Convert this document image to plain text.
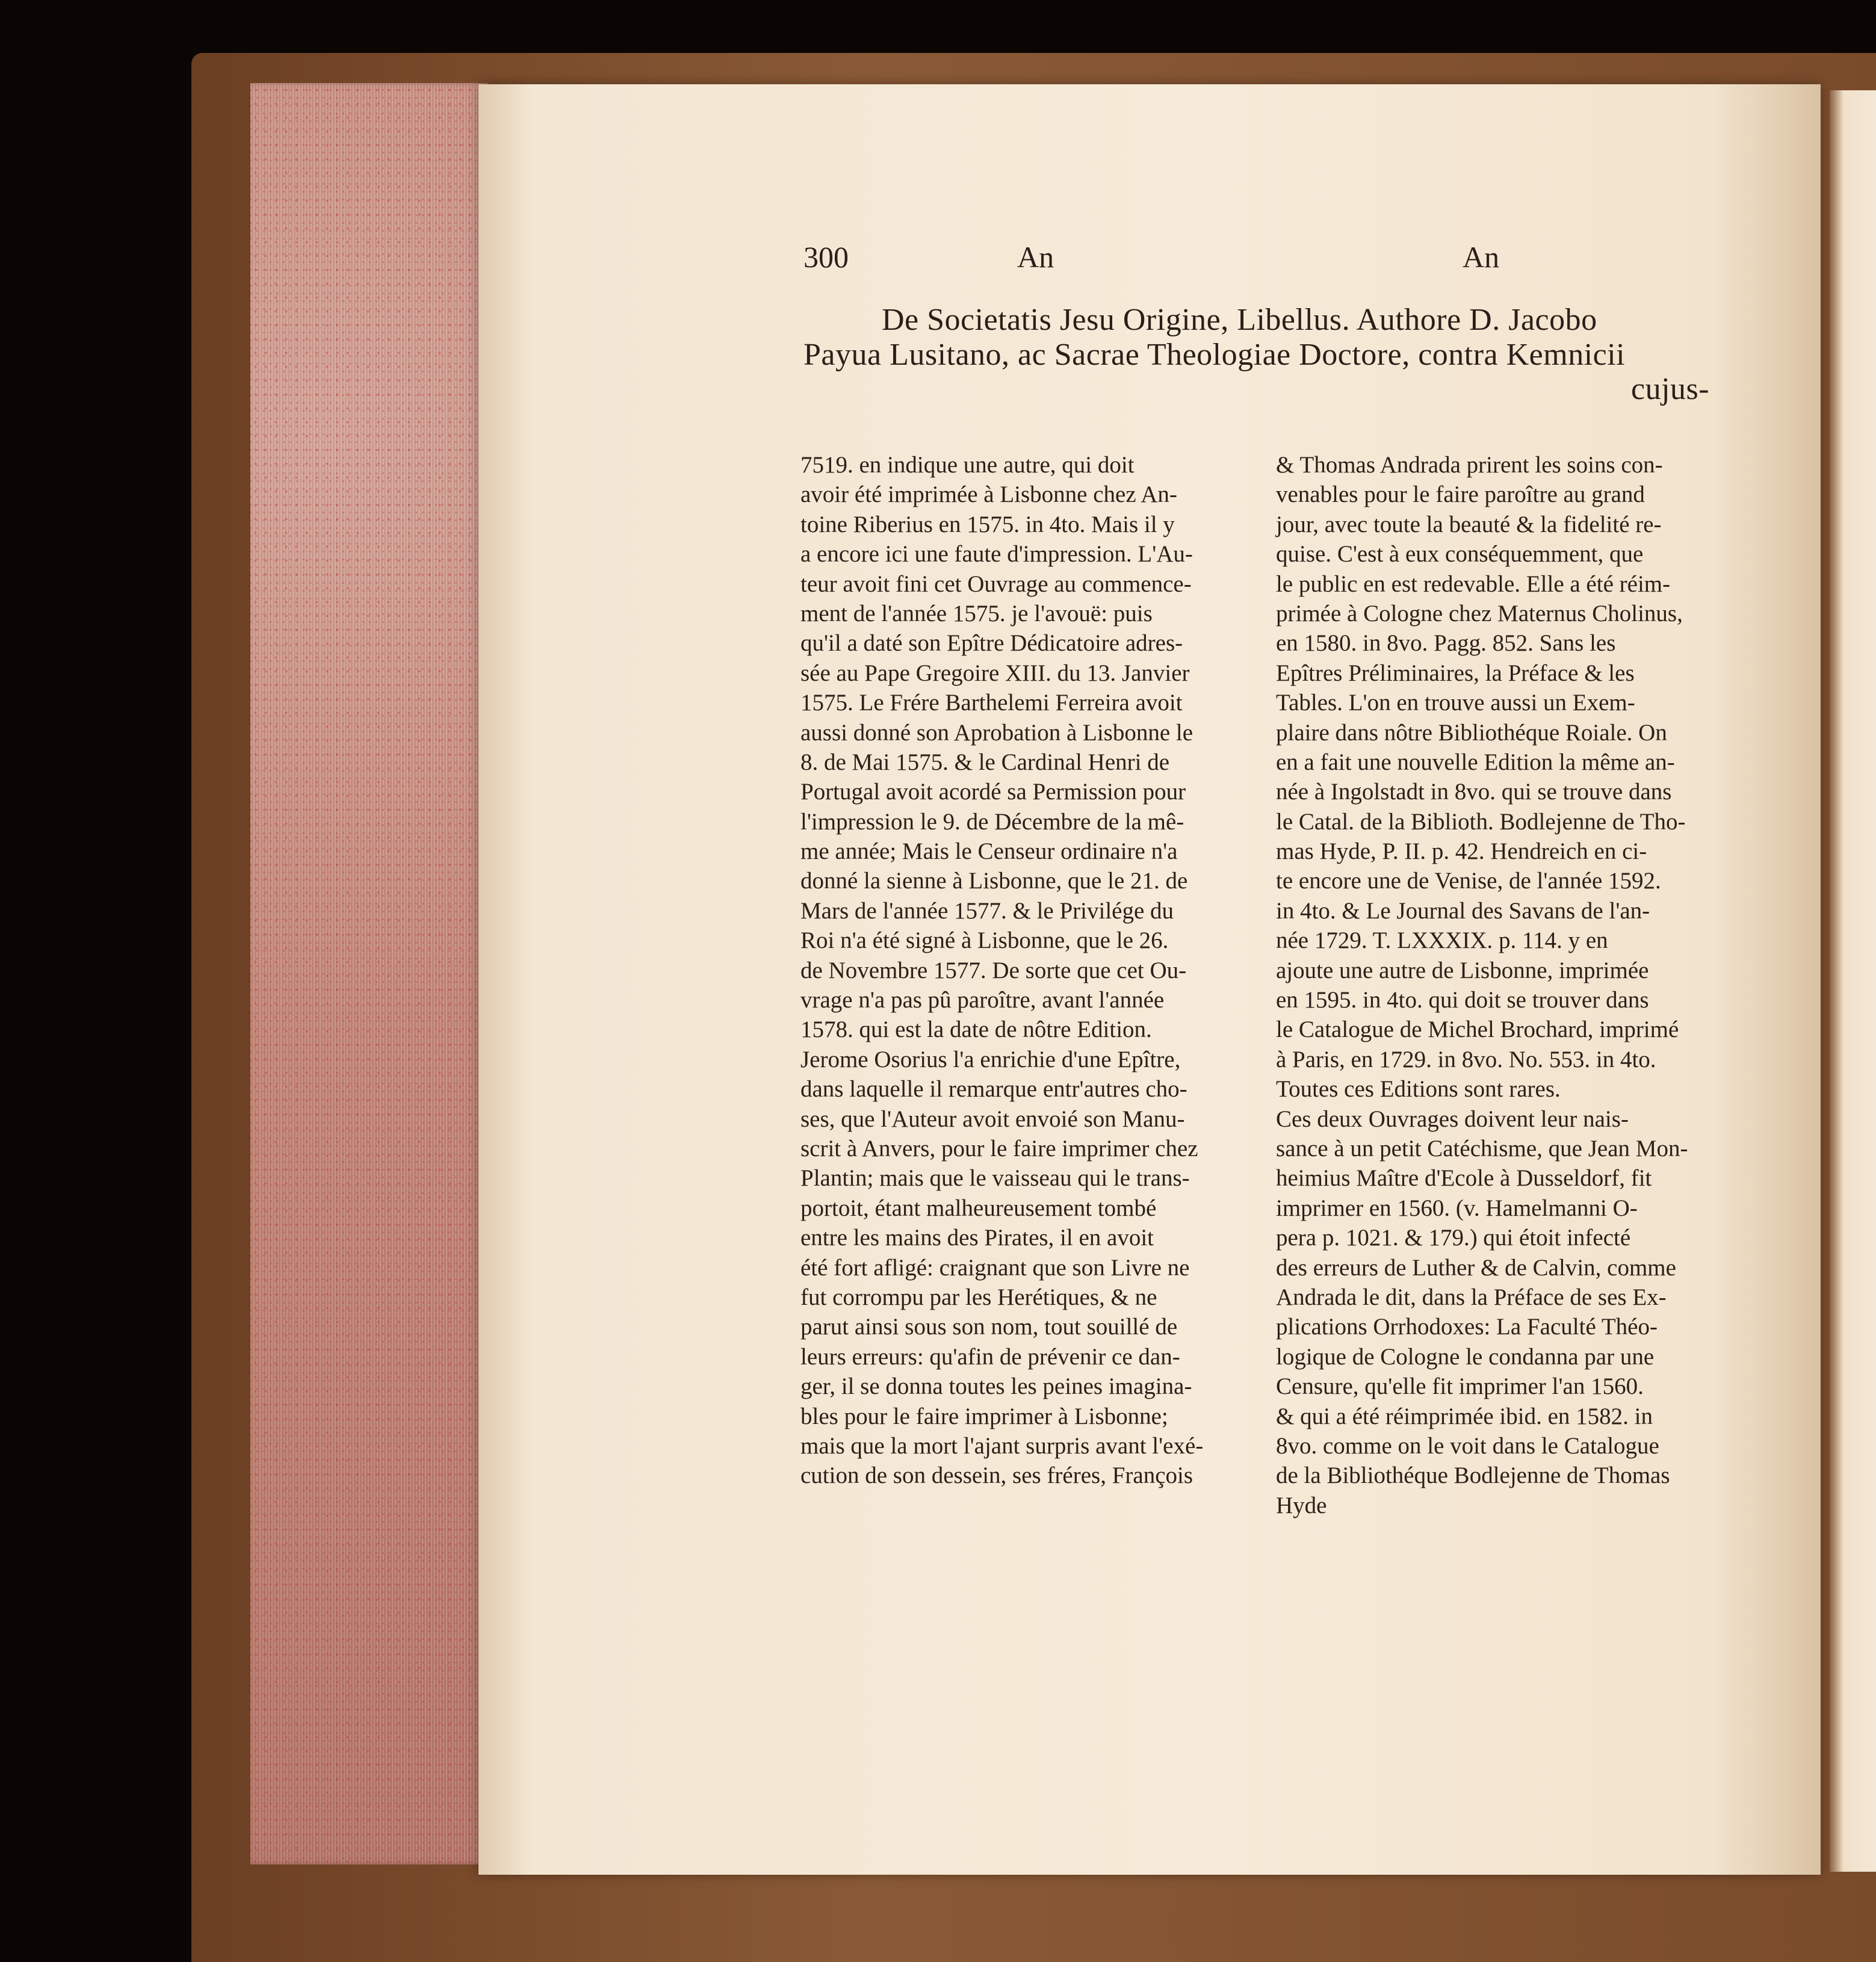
300	An	An
De Societatis Jesu Origine, Libellus. Authore D. Jacobo
Payua Lusitano, ac Sacrae Theologiae Doctore, contra Kemnicii
cujus-
7519. en indique une autre, qui doit
avoir été imprimée à Lisbonne chez An-
toine Riberius en 1575. in 4to. Mais il y
a encore ici une faute d'impression. L'Au-
teur avoit fini cet Ouvrage au commence-
ment de l'année 1575. je l'avouë: puis
qu'il a daté son Epître Dédicatoire adres-
sée au Pape Gregoire XIII. du 13. Janvier
1575. Le Frére Barthelemi Ferreira avoit
aussi donné son Aprobation à Lisbonne le
8. de Mai 1575. & le Cardinal Henri de
Portugal avoit acordé sa Permission pour
l'impression le 9. de Décembre de la mê-
me année; Mais le Censeur ordinaire n'a
donné la sienne à Lisbonne, que le 21. de
Mars de l'année 1577. & le Privilége du
Roi n'a été signé à Lisbonne, que le 26.
de Novembre 1577. De sorte que cet Ou-
vrage n'a pas pû paroître, avant l'année
1578. qui est la date de nôtre Edition.
Jerome Osorius l'a enrichie d'une Epître,
dans laquelle il remarque entr'autres cho-
ses, que l'Auteur avoit envoié son Manu-
scrit à Anvers, pour le faire imprimer chez
Plantin; mais que le vaisseau qui le trans-
portoit, étant malheureusement tombé
entre les mains des Pirates, il en avoit
été fort afligé: craignant que son Livre ne
fut corrompu par les Herétiques, & ne
parut ainsi sous son nom, tout souillé de
leurs erreurs: qu'afin de prévenir ce dan-
ger, il se donna toutes les peines imagina-
bles pour le faire imprimer à Lisbonne;
mais que la mort l'ajant surpris avant l'exé-
cution de son dessein, ses fréres, François
& Thomas Andrada prirent les soins con-
venables pour le faire paroître au grand
jour, avec toute la beauté & la fidelité re-
quise. C'est à eux conséquemment, que
le public en est redevable. Elle a été réim-
primée à Cologne chez Maternus Cholinus,
en 1580. in 8vo. Pagg. 852. Sans les
Epîtres Préliminaires, la Préface & les
Tables. L'on en trouve aussi un Exem-
plaire dans nôtre Bibliothéque Roiale. On
en a fait une nouvelle Edition la même an-
née à Ingolstadt in 8vo. qui se trouve dans
le Catal. de la Biblioth. Bodlejenne de Tho-
mas Hyde, P. II. p. 42. Hendreich en ci-
te encore une de Venise, de l'année 1592.
in 4to. & Le Journal des Savans de l'an-
née 1729. T. LXXXIX. p. 114. y en
ajoute une autre de Lisbonne, imprimée
en 1595. in 4to. qui doit se trouver dans
le Catalogue de Michel Brochard, imprimé
à Paris, en 1729. in 8vo. No. 553. in 4to.
Toutes ces Editions sont rares.
Ces deux Ouvrages doivent leur nais-
sance à un petit Catéchisme, que Jean Mon-
heimius Maître d'Ecole à Dusseldorf, fit
imprimer en 1560. (v. Hamelmanni O-
pera p. 1021. & 179.) qui étoit infecté
des erreurs de Luther & de Calvin, comme
Andrada le dit, dans la Préface de ses Ex-
plications Orrhodoxes: La Faculté Théo-
logique de Cologne le condanna par une
Censure, qu'elle fit imprimer l'an 1560.
& qui a été réimprimée ibid. en 1582. in
8vo. comme on le voit dans le Catalogue
de la Bibliothéque Bodlejenne de Thomas
Hyde
